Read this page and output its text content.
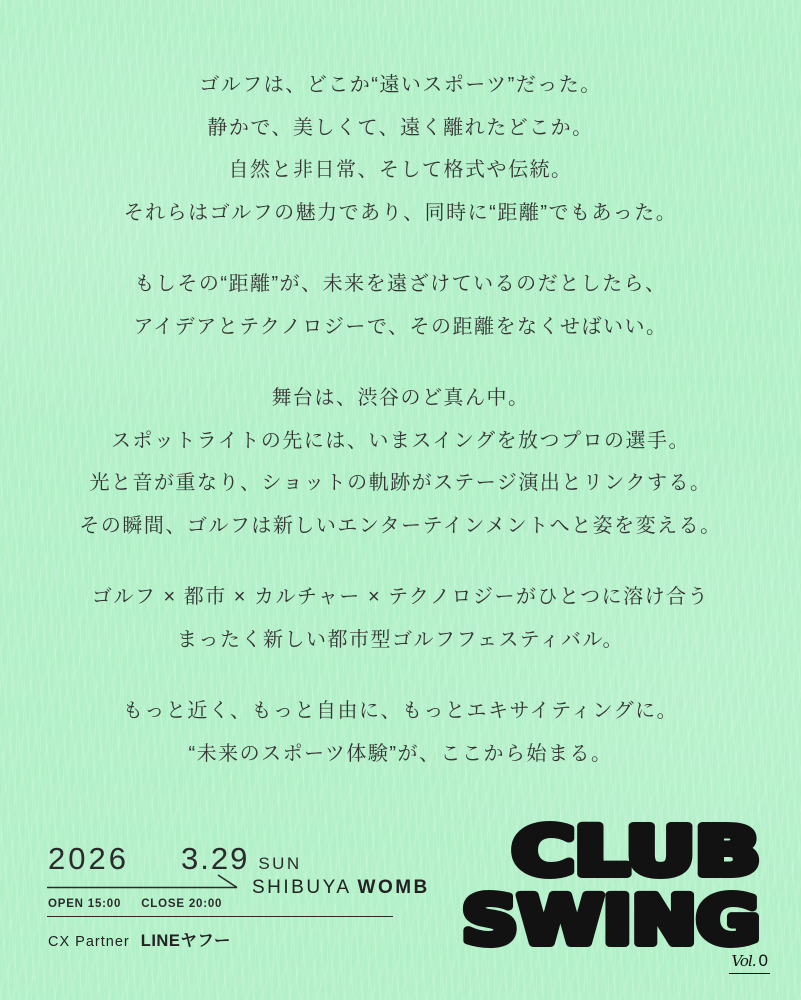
ゴルフは、どこか“遠いスポーツ”だった。
静かで、美しくて、遠く離れたどこか。
自然と非日常、そして格式や伝統。
それらはゴルフの魅力であり、同時に“距離”でもあった。

もしその“距離”が、未来を遠ざけているのだとしたら、
アイデアとテクノロジーで、その距離をなくせばいい。

舞台は、渋谷のど真ん中。
スポットライトの先には、いまスイングを放つプロの選手。
光と音が重なり、ショットの軌跡がステージ演出とリンクする。
その瞬間、ゴルフは新しいエンターテインメントへと姿を変える。

ゴルフ × 都市 × カルチャー × テクノロジーがひとつに溶け合う
まったく新しい都市型ゴルフフェスティバル。

もっと近く、もっと自由に、もっとエキサイティングに。
“未来のスポーツ体験”が、ここから始まる。

2026 3.29 SUN
SHIBUYA WOMB
OPEN 15:00 CLOSE 20:00
CX Partner LINEヤフー
CLUB
SWING
Vol. 0
